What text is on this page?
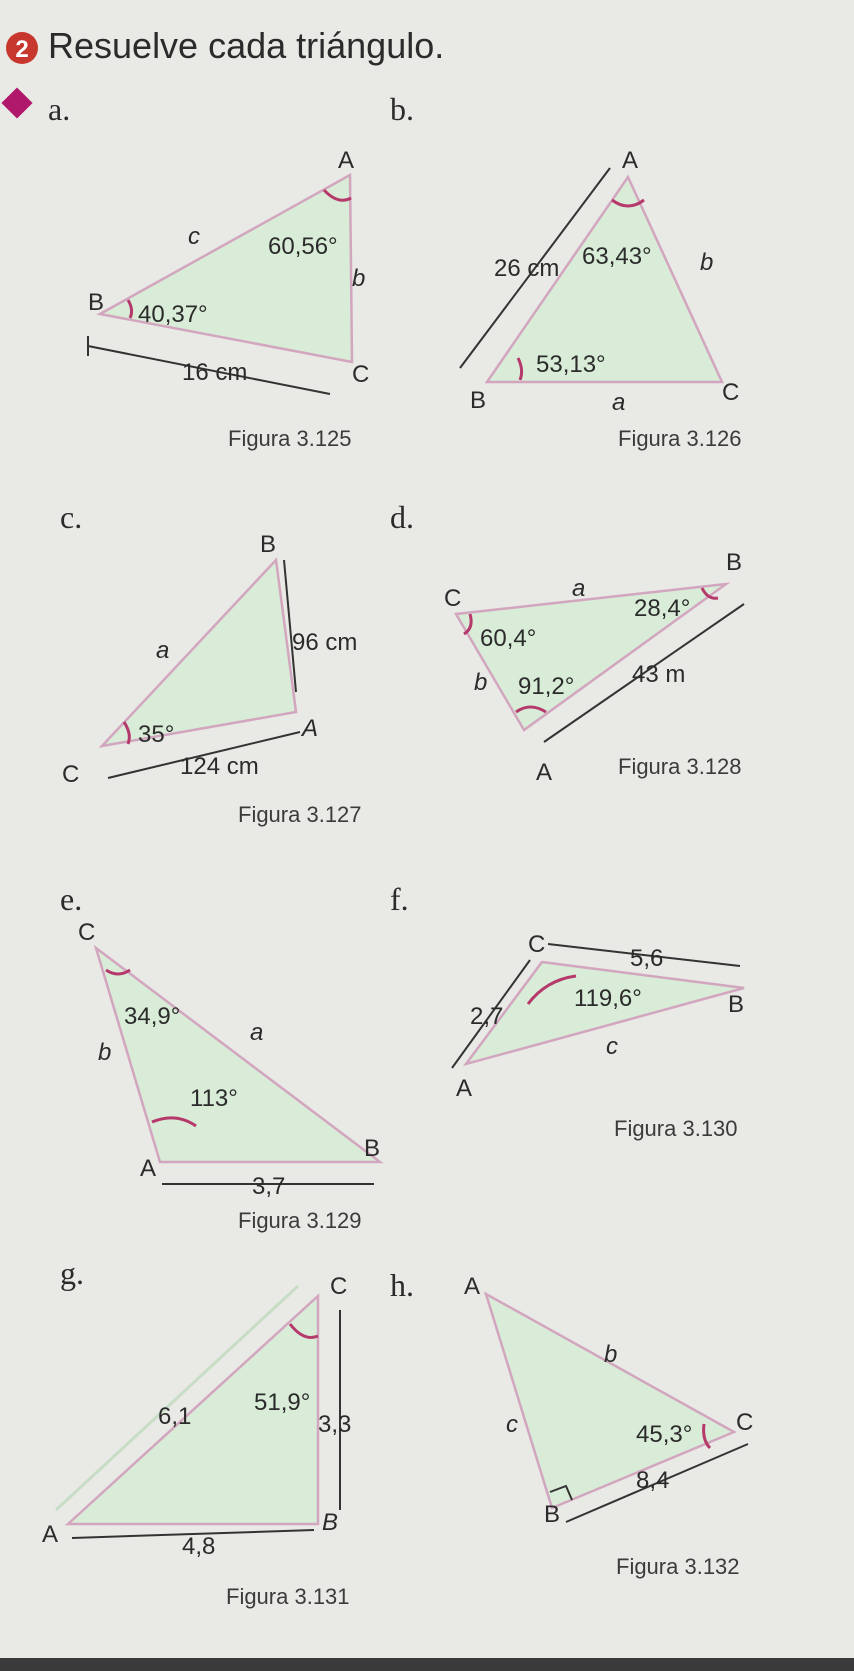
2 Resuelve cada triángulo.
a.
A
B
C
c
b
60,56°
40,37°
16 cm
Figura 3.125
b.
A
B	C
26 cm	b
a
63,43°
53,13°
Figura 3.126
c.
B
A
C
a	96 cm
124 cm
35°
Figura 3.127
d.
C
B
A
a
b	43 m
28,4°
60,4°
91,2°
Figura 3.128
e.
C
A
B
a
b
3,7
34,9°
113°
Figura 3.129
f.
C
B
A
c
5,6
2,7
119,6°
Figura 3.130
g.	C
B
A
6,1	3,3
4,8
51,9°
Figura 3.131
h. A
C
B
b
c
8,4
45,3°
Figura 3.132
